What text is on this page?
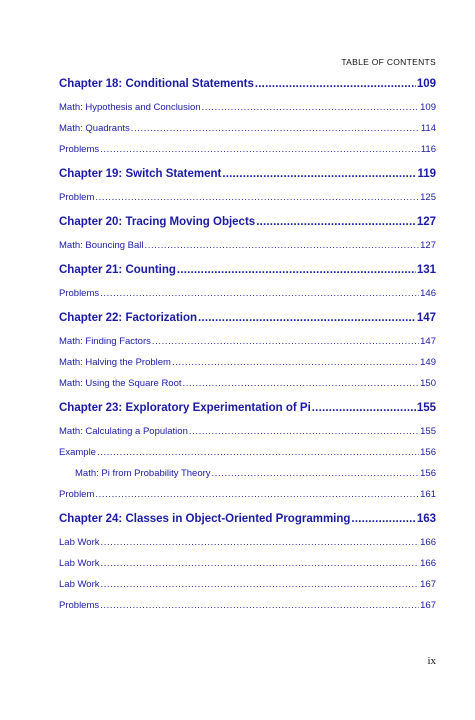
TABLE OF CONTENTS
Chapter 18: Conditional Statements .....	109
Math: Hypothesis and Conclusion .....	109
Math: Quadrants .....	114
Problems .....	116
Chapter 19: Switch Statement .....	119
Problem .....	125
Chapter 20: Tracing Moving Objects .....	127
Math: Bouncing Ball .....	127
Chapter 21: Counting .....	131
Problems .....	146
Chapter 22: Factorization .....	147
Math: Finding Factors .....	147
Math: Halving the Problem .....	149
Math: Using the Square Root .....	150
Chapter 23: Exploratory Experimentation of Pi .....	155
Math: Calculating a Population .....	155
Example .....	156
Math: Pi from Probability Theory .....	156
Problem .....	161
Chapter 24: Classes in Object-Oriented Programming .....	163
Lab Work .....	166
Lab Work .....	166
Lab Work .....	167
Problems .....	167
ix
